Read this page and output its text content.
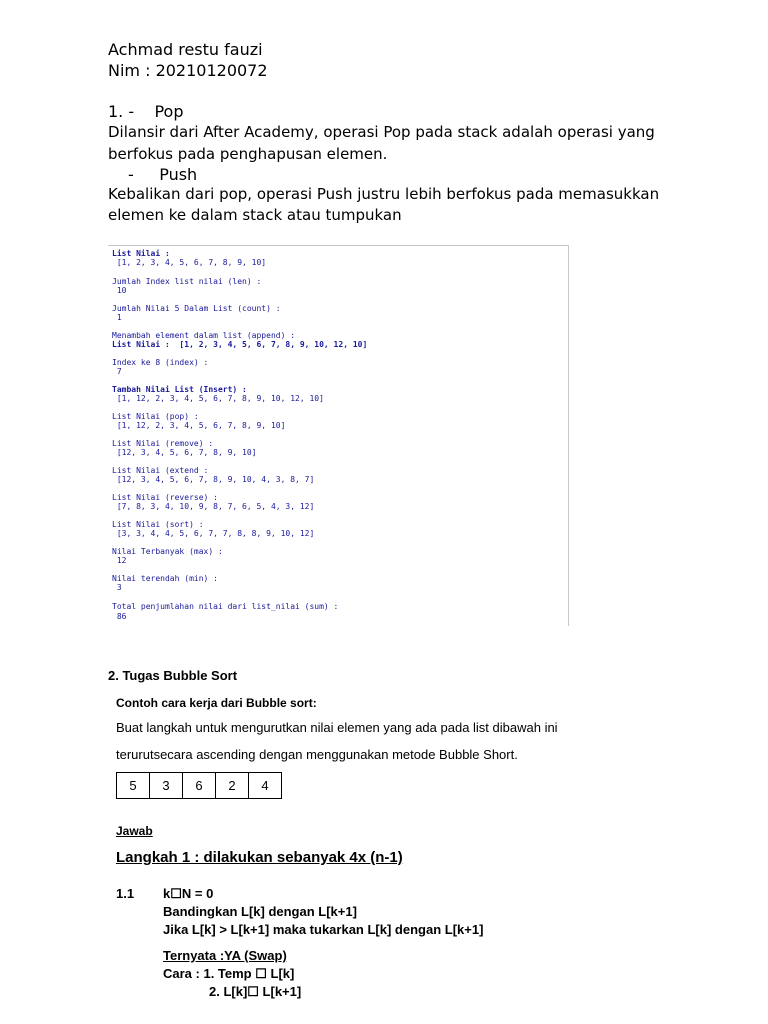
Achmad restu fauzi
Nim : 20210120072
1. -    Pop
Dilansir dari After Academy, operasi Pop pada stack adalah operasi yang
berfokus pada penghapusan elemen.
-     Push
Kebalikan dari pop, operasi Push justru lebih berfokus pada memasukkan
elemen ke dalam stack atau tumpukan
List Nilai :
[1, 2, 3, 4, 5, 6, 7, 8, 9, 10]
Jumlah Index list nilai (len) :
10
Jumlah Nilai 5 Dalam List (count) :
1
Menambah element dalam list (append) :
List Nilai :  [1, 2, 3, 4, 5, 6, 7, 8, 9, 10, 12, 10]
Index ke 8 (index) :
7
Tambah Nilai List (Insert) :
[1, 12, 2, 3, 4, 5, 6, 7, 8, 9, 10, 12, 10]
List Nilai (pop) :
[1, 12, 2, 3, 4, 5, 6, 7, 8, 9, 10]
List Nilai (remove) :
[12, 3, 4, 5, 6, 7, 8, 9, 10]
List Nilai (extend :
[12, 3, 4, 5, 6, 7, 8, 9, 10, 4, 3, 8, 7]
List Nilai (reverse) :
[7, 8, 3, 4, 10, 9, 8, 7, 6, 5, 4, 3, 12]
List Nilai (sort) :
[3, 3, 4, 4, 5, 6, 7, 7, 8, 8, 9, 10, 12]
Nilai Terbanyak (max) :
12
Nilai terendah (min) :
3
Total penjumlahan nilai dari list_nilai (sum) :
86
2. Tugas Bubble Sort
Contoh cara kerja dari Bubble sort:
Buat langkah untuk mengurutkan nilai elemen yang ada pada list dibawah ini
terurutsecara ascending dengan menggunakan metode Bubble Short.
5	3	6	2	4
Jawab
Langkah 1 : dilakukan sebanyak 4x (n-1)
1.1 k☐N = 0
Bandingkan L[k] dengan L[k+1]
Jika L[k] > L[k+1] maka tukarkan L[k] dengan L[k+1]
Ternyata :YA (Swap)
Cara : 1. Temp ☐ L[k]
2. L[k]☐ L[k+1]
